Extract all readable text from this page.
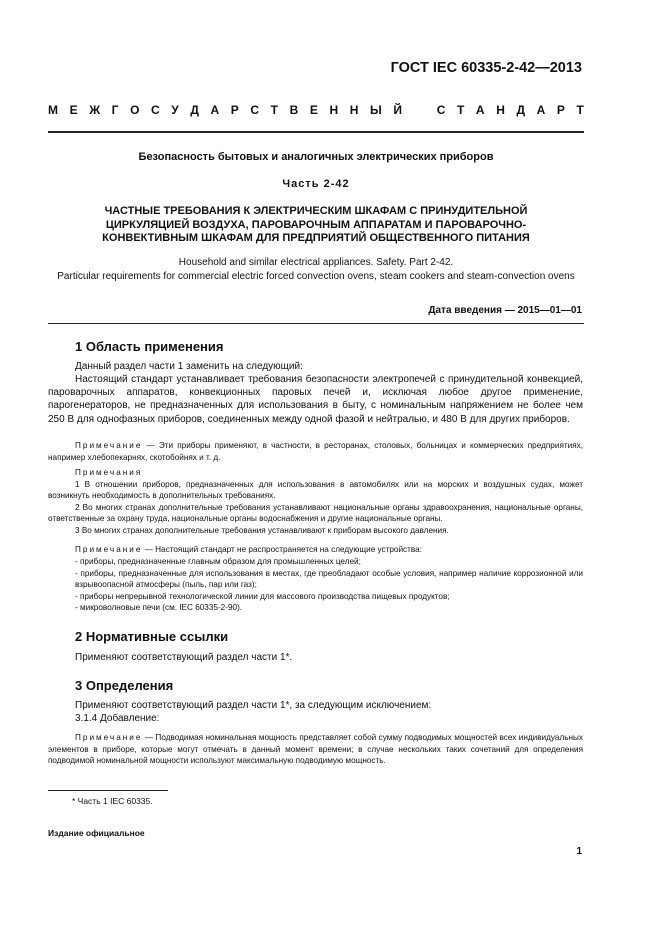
ГОСТ IEC 60335-2-42—2013
М Е Ж Г О С У Д А Р С Т В Е Н Н Ы Й	С Т А Н Д А Р Т
Безопасность бытовых и аналогичных электрических приборов
Часть 2-42
ЧАСТНЫЕ ТРЕБОВАНИЯ К ЭЛЕКТРИЧЕСКИМ ШКАФАМ С ПРИНУДИТЕЛЬНОЙ ЦИРКУЛЯЦИЕЙ ВОЗДУХА, ПАРОВАРОЧНЫМ АППАРАТАМ И ПАРОВАРОЧНО-КОНВЕКТИВНЫМ ШКАФАМ ДЛЯ ПРЕДПРИЯТИЙ ОБЩЕСТВЕННОГО ПИТАНИЯ
Household and similar electrical appliances. Safety. Part 2-42.
Particular requirements for commercial electric forced convection ovens, steam cookers and steam-convection ovens
Дата введения — 2015—01—01
1 Область применения
Данный раздел части 1 заменить на следующий:
Настоящий стандарт устанавливает требования безопасности электропечей с принудительной конвекцией, пароварочных аппаратов, конвекционных паровых печей и, исключая любое другое применение, парогенераторов, не предназначенных для использования в быту, с номинальным напряжением не более чем 250 В для однофазных приборов, соединенных между одной фазой и нейтралью, и 480 В для других приборов.
Примечание — Эти приборы применяют, в частности, в ресторанах, столовых, больницах и коммерческих предприятиях, например хлебопекарнях, скотобойнях и т. д.

Примечания

1 В отношении приборов, предназначенных для использования в автомобилях или на морских и воздушных судах, может возникнуть необходимость в дополнительных требованиях.

2 Во многих странах дополнительные требования устанавливают национальные органы здравоохранения, национальные органы, ответственные за охрану труда, национальные органы водоснабжения и другие национальные органы.

3 Во многих странах дополнительные требования устанавливают к приборам высокого давления.

Примечание — Настоящий стандарт не распространяется на следующие устройства:
- приборы, предназначенные главным образом для промышленных целей;
- приборы, предназначенные для использования в местах, где преобладают особые условия, например наличие коррозионной или взрывоопасной атмосферы (пыль, пар или газ);
- приборы непрерывной технологической линии для массового производства пищевых продуктов;
- микроволновые печи (см. IEC 60335-2-90).
2 Нормативные ссылки
Применяют соответствующий раздел части 1*.
3 Определения
Применяют соответствующий раздел части 1*, за следующим исключением:
3.1.4 Добавление:
Примечание — Подводимая номинальная мощность представляет собой сумму подводимых мощностей всех индивидуальных элементов в приборе, которые могут отмечать в данный момент времени; в случае нескольких таких сочетаний для определения подводимой номинальной мощности используют максимальную подводимую мощность.
* Часть 1 IEC 60335.
Издание официальное
1
